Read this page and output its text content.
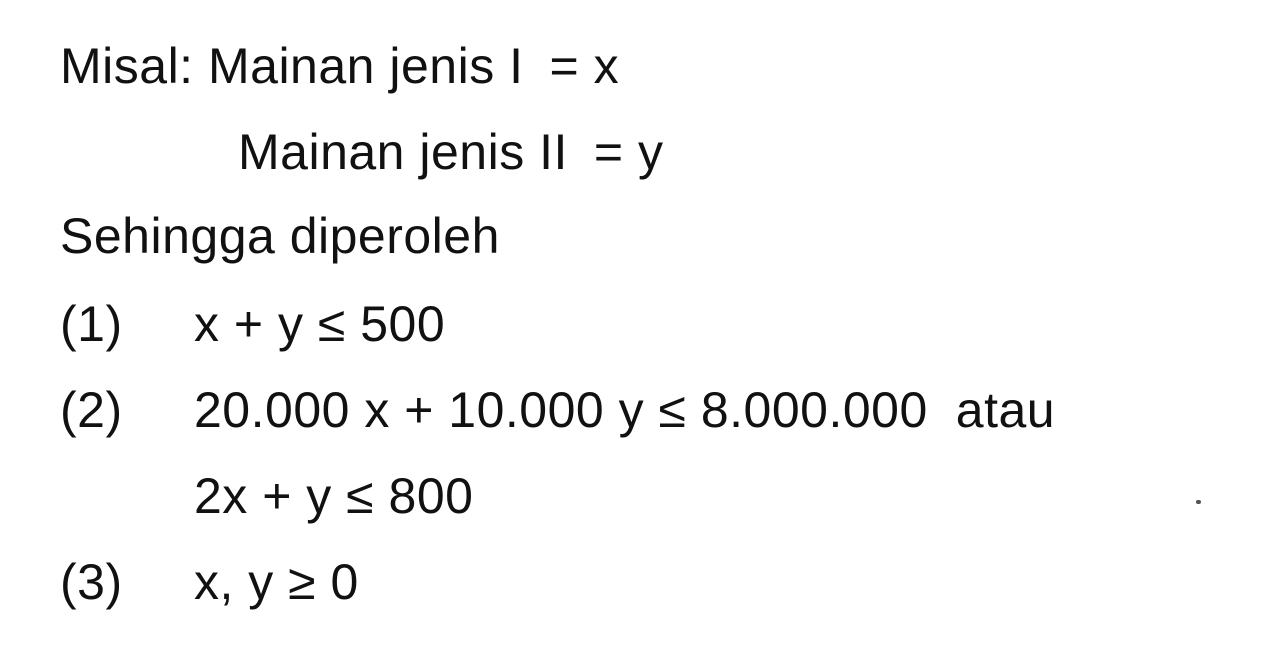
Misal: Mainan jenis I = x
Mainan jenis II = y
Sehingga diperoleh
(1) x + y ≤ 500
(2) 20.000 x + 10.000 y ≤ 8.000.000 atau
2x + y ≤ 800
(3) x, y ≥ 0
